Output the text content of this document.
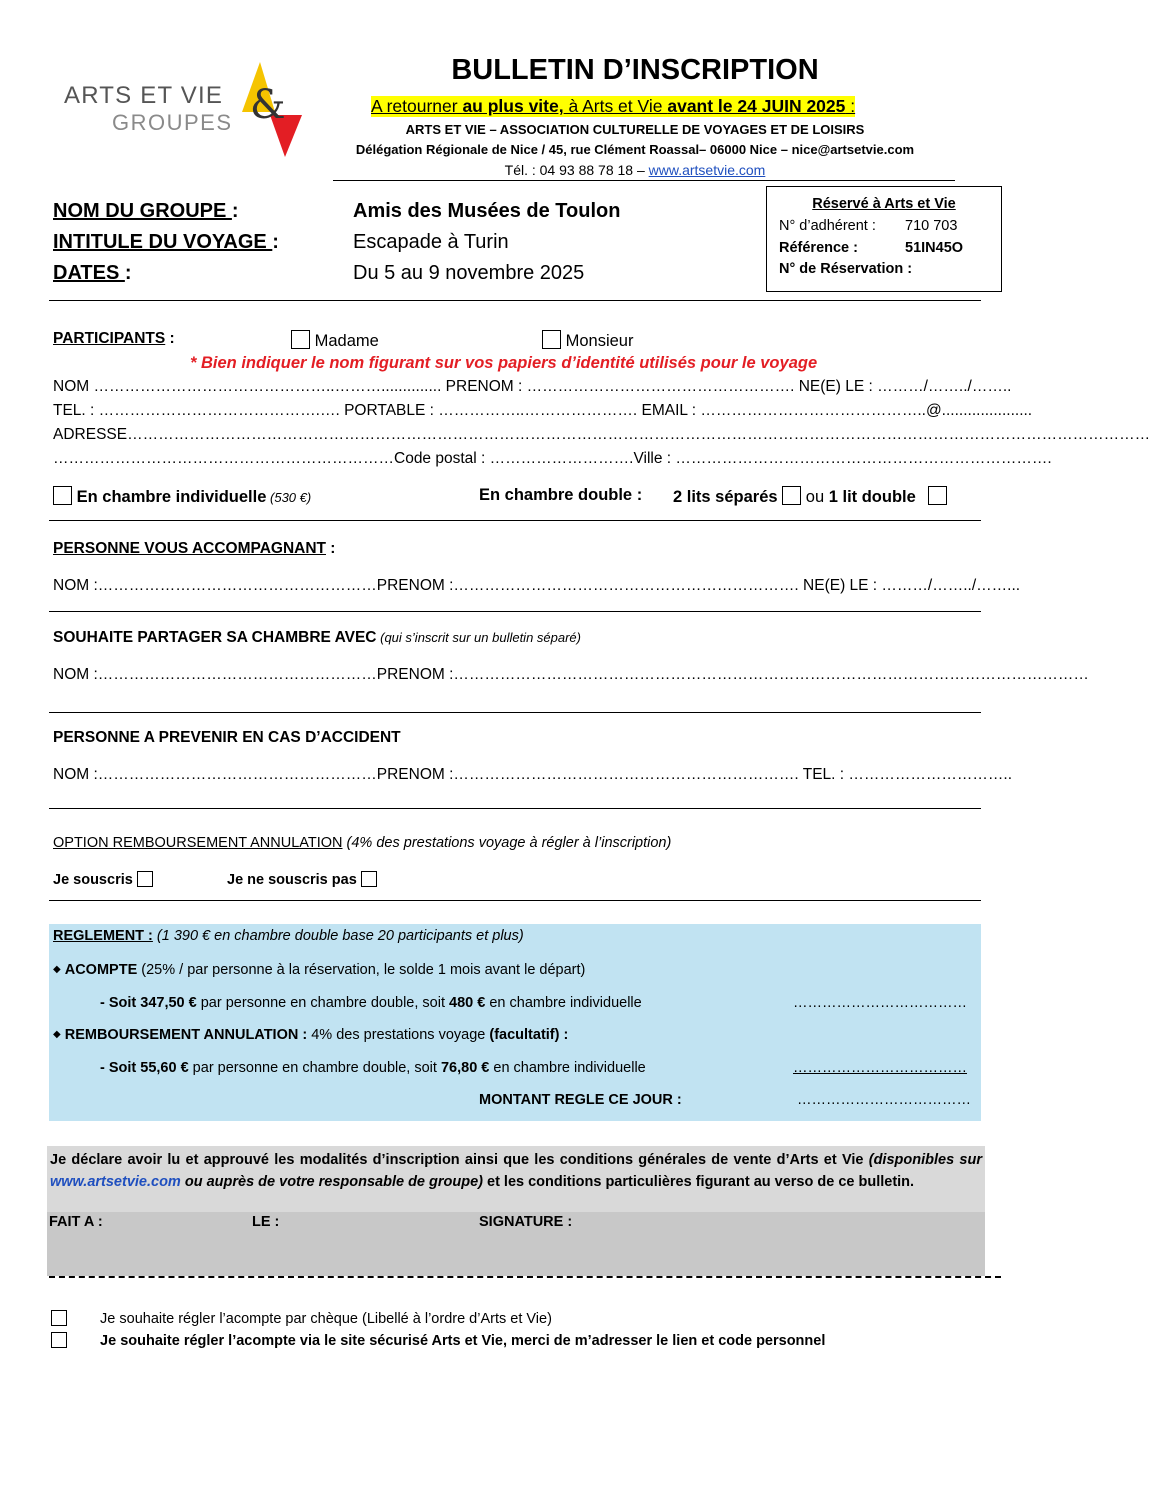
ARTS ET VIE
GROUPES &
BULLETIN D’INSCRIPTION
A retourner au plus vite, à Arts et Vie avant le 24 JUIN 2025 :
ARTS ET VIE – ASSOCIATION CULTURELLE DE VOYAGES ET DE LOISIRS
Délégation Régionale de Nice / 45, rue Clément Roassal– 06000 Nice – nice@artsetvie.com
Tél. : 04 93 88 78 18 – www.artsetvie.com
NOM DU GROUPE :	Amis des Musées de Toulon
INTITULE DU VOYAGE :	Escapade à Turin
DATES :	Du 5 au 9 novembre 2025
Réservé à Arts et Vie
N° d’adhérent : 710 703
Référence :	51IN45O
N° de Réservation :
PARTICIPANTS :	Madame	Monsieur
* Bien indiquer le nom figurant sur vos papiers d’identité utilisés pour le voyage
NOM ………………………………………..……….............. PRENOM : ……………………………………………. NE(E) LE : ………/……../……..
TEL. : …………………………………….…. PORTABLE : ……………..…………………. EMAIL : ……………………………………..@.....................
ADRESSE………………………………………………………………………………………………………………………………………………………………………………
…………………………………………………………Code postal : ……………………….Ville : ……………………………………………………………….
En chambre individuelle (530 €)	En chambre double : 2 lits séparés ou 1 lit double
PERSONNE VOUS ACCOMPAGNANT :
NOM :………………………………………………PRENOM :…………………………………………………………. NE(E) LE : ………/……../……...
SOUHAITE PARTAGER SA CHAMBRE AVEC (qui s’inscrit sur un bulletin séparé)
NOM :………………………………………………PRENOM :……………………………………………………………………………………………………………
PERSONNE A PREVENIR EN CAS D’ACCIDENT
NOM :………………………………………………PRENOM :…………………………………………………………. TEL. : …………………………..
OPTION REMBOURSEMENT ANNULATION (4% des prestations voyage à régler à l’inscription)
Je souscris	Je ne souscris pas
REGLEMENT : (1 390 € en chambre double base 20 participants et plus)
◆ ACOMPTE (25% / par personne à la réservation, le solde 1 mois avant le départ)
- Soit 347,50 € par personne en chambre double, soit 480 € en chambre individuelle	………………………………
◆ REMBOURSEMENT ANNULATION : 4% des prestations voyage (facultatif) :
- Soit 55,60 € par personne en chambre double, soit 76,80 € en chambre individuelle	………………………………
MONTANT REGLE CE JOUR :	………………………………
Je déclare avoir lu et approuvé les modalités d’inscription ainsi que les conditions générales de vente d’Arts et Vie (disponibles sur www.artsetvie.com ou auprès de votre responsable de groupe) et les conditions particulières figurant au verso de ce bulletin.
FAIT A :	LE :	SIGNATURE :
Je souhaite régler l’acompte par chèque (Libellé à l’ordre d’Arts et Vie)
Je souhaite régler l’acompte via le site sécurisé Arts et Vie, merci de m’adresser le lien et code personnel
